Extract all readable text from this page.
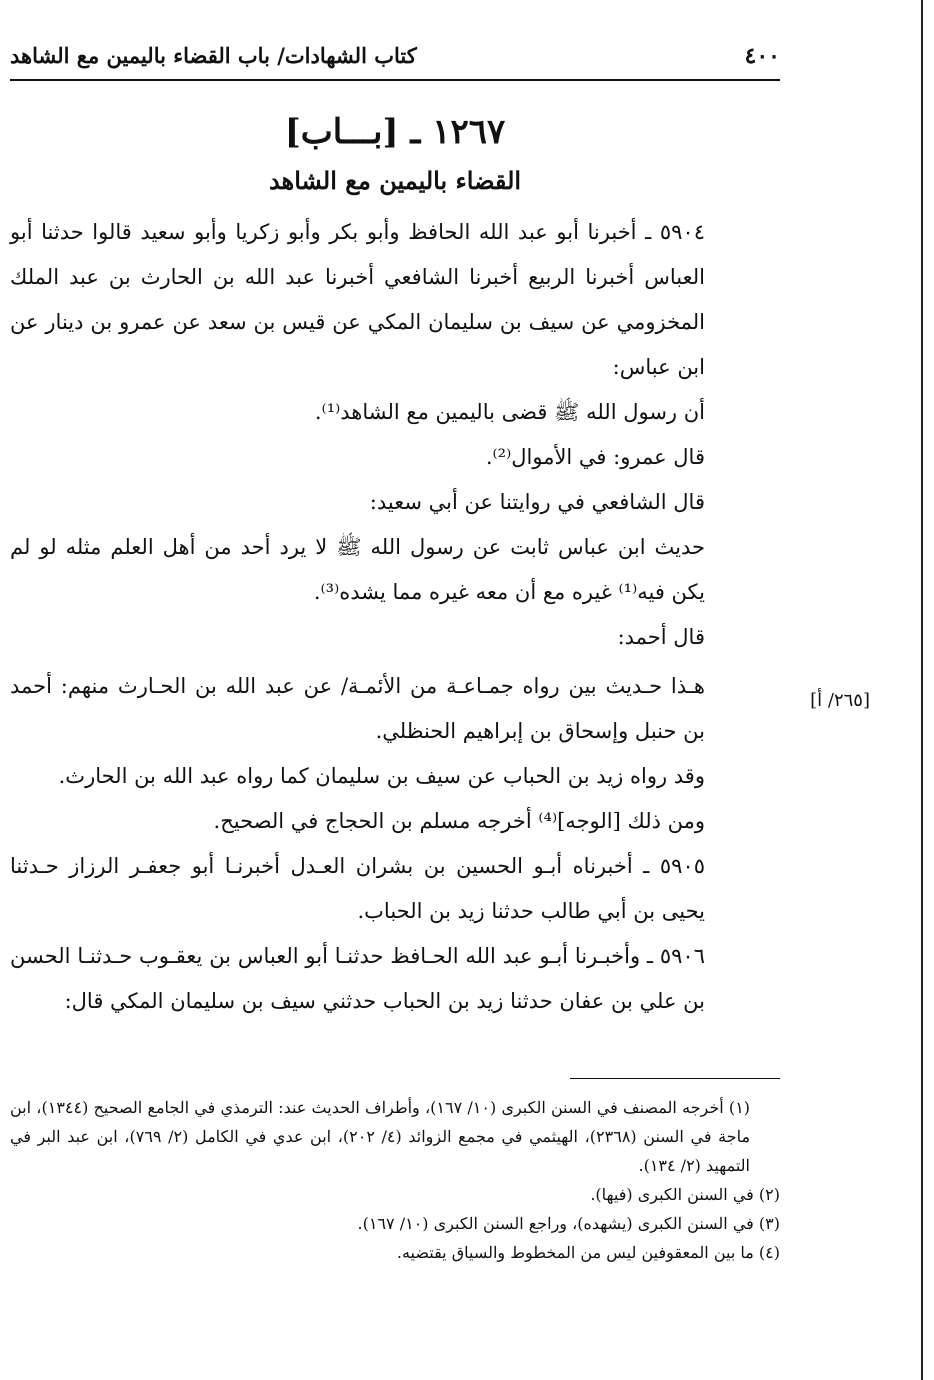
٤٠٠
كتاب الشهادات/ باب القضاء باليمين مع الشاهد
١٢٦٧ ـ [بـــاب]
القضاء باليمين مع الشاهد
[٢٦٥/ أ]

٥٩٠٤ ـ أخبرنا أبو عبد الله الحافظ وأبو بكر وأبو زكريا وأبو سعيد قالوا حدثنا أبو العباس أخبرنا الربيع أخبرنا الشافعي أخبرنا عبد الله بن الحارث بن عبد الملك المخزومي عن سيف بن سليمان المكي عن قيس بن سعد عن عمرو بن دينار عن ابن عباس:

أن رسول الله ﷺ قضى باليمين مع الشاهد⁽¹⁾.

قال عمرو: في الأموال⁽²⁾.

قال الشافعي في روايتنا عن أبي سعيد:

حديث ابن عباس ثابت عن رسول الله ﷺ لا يرد أحد من أهل العلم مثله لو لم يكن فيه⁽¹⁾ غيره مع أن معه غيره مما يشده⁽³⁾.

قال أحمد:

هـذا حـديث بين رواه جمـاعـة من الأئمـة/ عن عبد الله بن الحـارث منهم: أحمد بن حنبل وإسحاق بن إبراهيم الحنظلي.

وقد رواه زيد بن الحباب عن سيف بن سليمان كما رواه عبد الله بن الحارث.

ومن ذلك [الوجه]⁽⁴⁾ أخرجه مسلم بن الحجاج في الصحيح.

٥٩٠٥ ـ أخبرناه أبـو الحسين بن بشران العـدل أخبرنـا أبو جعفـر الرزاز حـدثنا يحيى بن أبي طالب حدثنا زيد بن الحباب.

٥٩٠٦ ـ وأخبـرنا أبـو عبد الله الحـافظ حدثنـا أبو العباس بن يعقـوب حـدثنـا الحسن بن علي بن عفان حدثنا زيد بن الحباب حدثني سيف بن سليمان المكي قال:

(١) أخرجه المصنف في السنن الكبرى (١٠/ ١٦٧)، وأطراف الحديث عند: الترمذي في الجامع الصحيح (١٣٤٤)، ابن ماجة في السنن (٢٣٦٨)، الهيثمي في مجمع الزوائد (٤/ ٢٠٢)، ابن عدي في الكامل (٢/ ٧٦٩)، ابن عبد البر في التمهيد (٢/ ١٣٤).
(٢) في السنن الكبرى (فيها).
(٣) في السنن الكبرى (يشهده)، وراجع السنن الكبرى (١٠/ ١٦٧).
(٤) ما بين المعقوفين ليس من المخطوط والسياق يقتضيه.
